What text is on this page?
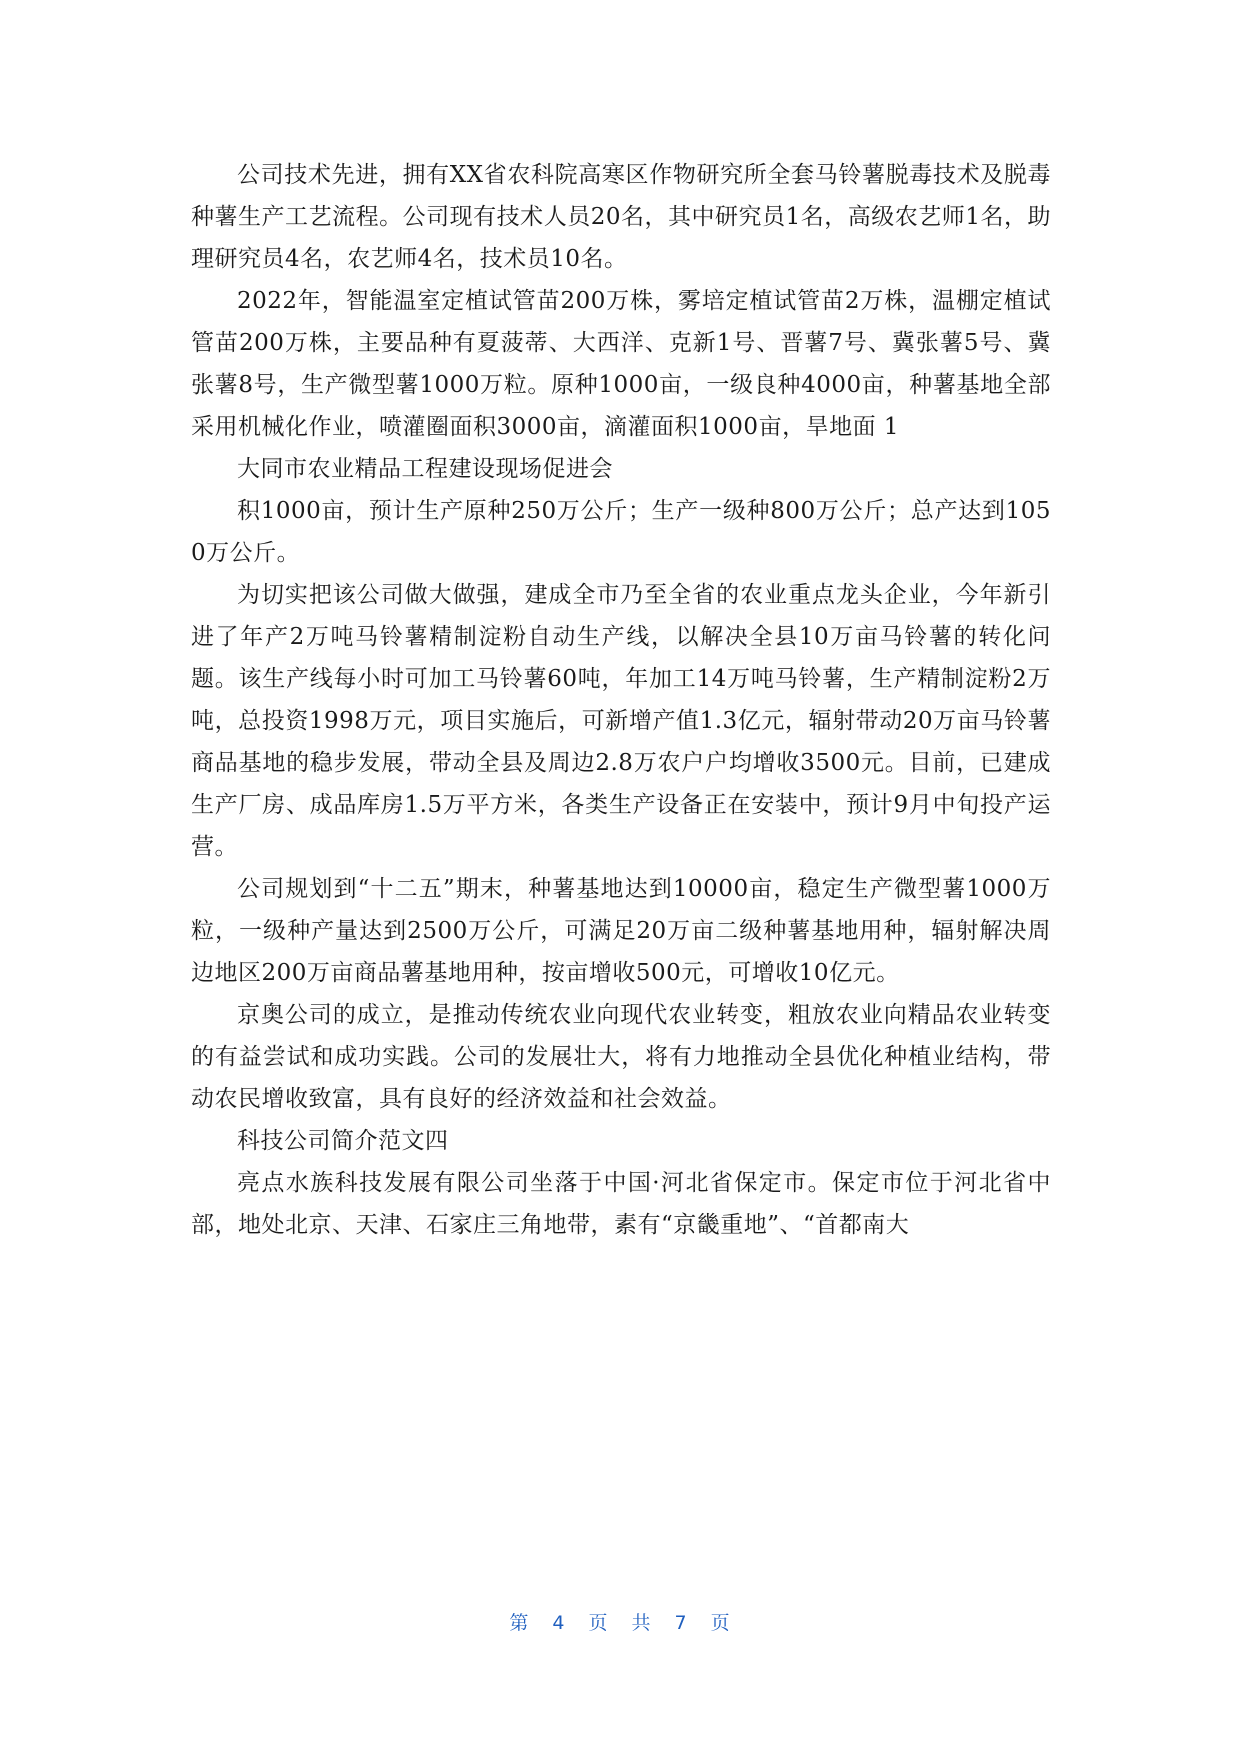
公司技术先进，拥有XX省农科院高寒区作物研究所全套马铃薯脱毒技术及脱毒种薯生产工艺流程。公司现有技术人员20名，其中研究员1名，高级农艺师1名，助理研究员4名，农艺师4名，技术员10名。

2022年，智能温室定植试管苗200万株，雾培定植试管苗2万株，温棚定植试管苗200万株，主要品种有夏菠蒂、大西洋、克新1号、晋薯7号、冀张薯5号、冀张薯8号，生产微型薯1000万粒。原种1000亩，一级良种4000亩，种薯基地全部采用机械化作业，喷灌圈面积3000亩，滴灌面积1000亩，旱地面 1

大同市农业精品工程建设现场促进会

积1000亩，预计生产原种250万公斤；生产一级种800万公斤；总产达到1050万公斤。

为切实把该公司做大做强，建成全市乃至全省的农业重点龙头企业，今年新引进了年产2万吨马铃薯精制淀粉自动生产线，以解决全县10万亩马铃薯的转化问题。该生产线每小时可加工马铃薯60吨，年加工14万吨马铃薯，生产精制淀粉2万吨，总投资1998万元，项目实施后，可新增产值1.3亿元，辐射带动20万亩马铃薯商品基地的稳步发展，带动全县及周边2.8万农户户均增收3500元。目前，已建成生产厂房、成品库房1.5万平方米，各类生产设备正在安装中，预计9月中旬投产运营。

公司规划到“十二五”期末，种薯基地达到10000亩，稳定生产微型薯1000万粒，一级种产量达到2500万公斤，可满足20万亩二级种薯基地用种，辐射解决周边地区200万亩商品薯基地用种，按亩增收500元，可增收10亿元。

京奥公司的成立，是推动传统农业向现代农业转变，粗放农业向精品农业转变的有益尝试和成功实践。公司的发展壮大，将有力地推动全县优化种植业结构，带动农民增收致富，具有良好的经济效益和社会效益。

科技公司简介范文四

亮点水族科技发展有限公司坐落于中国·河北省保定市。保定市位于河北省中部，地处北京、天津、石家庄三角地带，素有“京畿重地”、“首都南大

第 4 页 共 7 页
